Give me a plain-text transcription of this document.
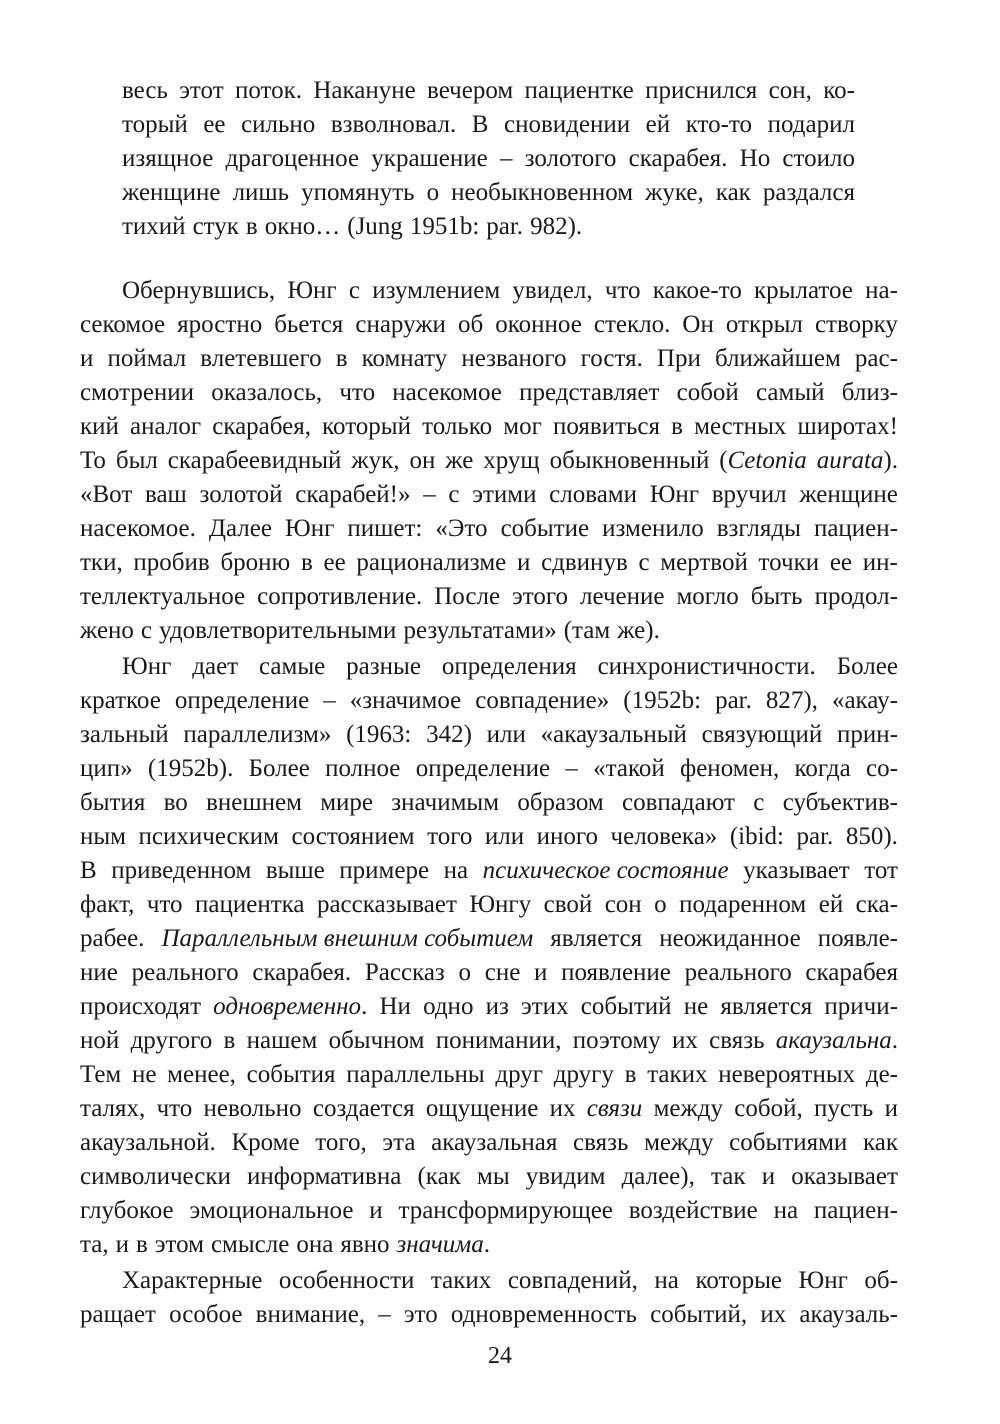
весь этот поток. Накануне вечером пациентке приснился сон, ко-
торый ее сильно взволновал. В сновидении ей кто-то подарил
изящное драгоценное украшение – золотого скарабея. Но стоило
женщине лишь упомянуть о необыкновенном жуке, как раздался
тихий стук в окно… (Jung 1951b: par. 982).
Обернувшись, Юнг с изумлением увидел, что какое-то крылатое на-
секомое яростно бьется снаружи об оконное стекло. Он открыл створку
и поймал влетевшего в комнату незваного гостя. При ближайшем рас-
смотрении оказалось, что насекомое представляет собой самый близ-
кий аналог скарабея, который только мог появиться в местных широтах!
То был скарабеевидный жук, он же хрущ обыкновенный (Cetonia aurata).
«Вот ваш золотой скарабей!» – с этими словами Юнг вручил женщине
насекомое. Далее Юнг пишет: «Это событие изменило взгляды пациен-
тки, пробив броню в ее рационализме и сдвинув с мертвой точки ее ин-
теллектуальное сопротивление. После этого лечение могло быть продол-
жено с удовлетворительными результатами» (там же).
Юнг дает самые разные определения синхронистичности. Более
краткое определение – «значимое совпадение» (1952b: par. 827), «акау-
зальный параллелизм» (1963: 342) или «акаузальный связующий прин-
цип» (1952b). Более полное определение – «такой феномен, когда со-
бытия во внешнем мире значимым образом совпадают с субъектив-
ным психическим состоянием того или иного человека» (ibid: par. 850).
В приведенном выше примере на психическое состояние указывает тот
факт, что пациентка рассказывает Юнгу свой сон о подаренном ей ска-
рабее. Параллельным внешним событием является неожиданное появле-
ние реального скарабея. Рассказ о сне и появление реального скарабея
происходят одновременно. Ни одно из этих событий не является причи-
ной другого в нашем обычном понимании, поэтому их связь акаузальна.
Тем не менее, события параллельны друг другу в таких невероятных де-
талях, что невольно создается ощущение их связи между собой, пусть и
акаузальной. Кроме того, эта акаузальная связь между событиями как
символически информативна (как мы увидим далее), так и оказывает
глубокое эмоциональное и трансформирующее воздействие на пациен-
та, и в этом смысле она явно значима.
Характерные особенности таких совпадений, на которые Юнг об-
ращает особое внимание, – это одновременность событий, их акаузаль-
24
